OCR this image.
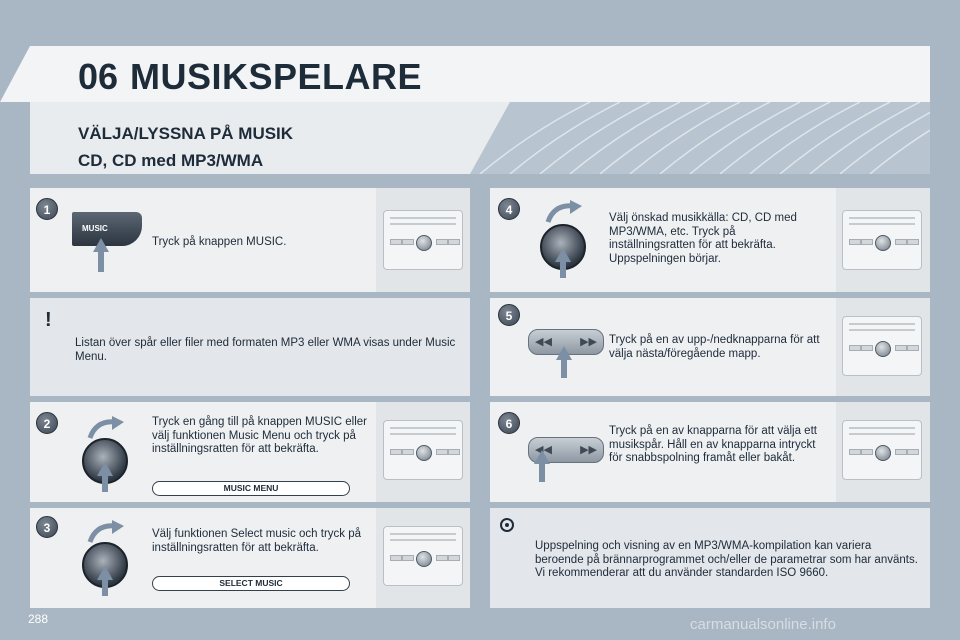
06 MUSIKSPELARE
VÄLJA/LYSSNA PÅ MUSIK
CD, CD med MP3/WMA
1
MUSIC
Tryck på knappen MUSIC.
!
Listan över spår eller filer med formaten MP3 eller WMA visas under Music Menu.
2	Tryck en gång till på knappen MUSIC eller välj funktionen Music Menu och tryck på inställningsratten för att bekräfta.
MUSIC MENU
3	Välj funktionen Select music och tryck på inställningsratten för att bekräfta.
SELECT MUSIC
4
Välj önskad musikkälla: CD, CD med MP3/WMA, etc. Tryck på inställningsratten för att bekräfta. Uppspelningen börjar.
5
◀◀	▶▶ Tryck på en av upp-/nedknapparna för att välja nästa/föregående mapp.
6
◀◀	▶▶
Tryck på en av knapparna för att välja ett musikspår. Håll en av knapparna intryckt för snabbspolning framåt eller bakåt.
Uppspelning och visning av en MP3/WMA-kompilation kan variera beroende på brännarprogrammet och/eller de parametrar som har använts. Vi rekommenderar att du använder standarden ISO 9660.
288	carmanualsonline.info
